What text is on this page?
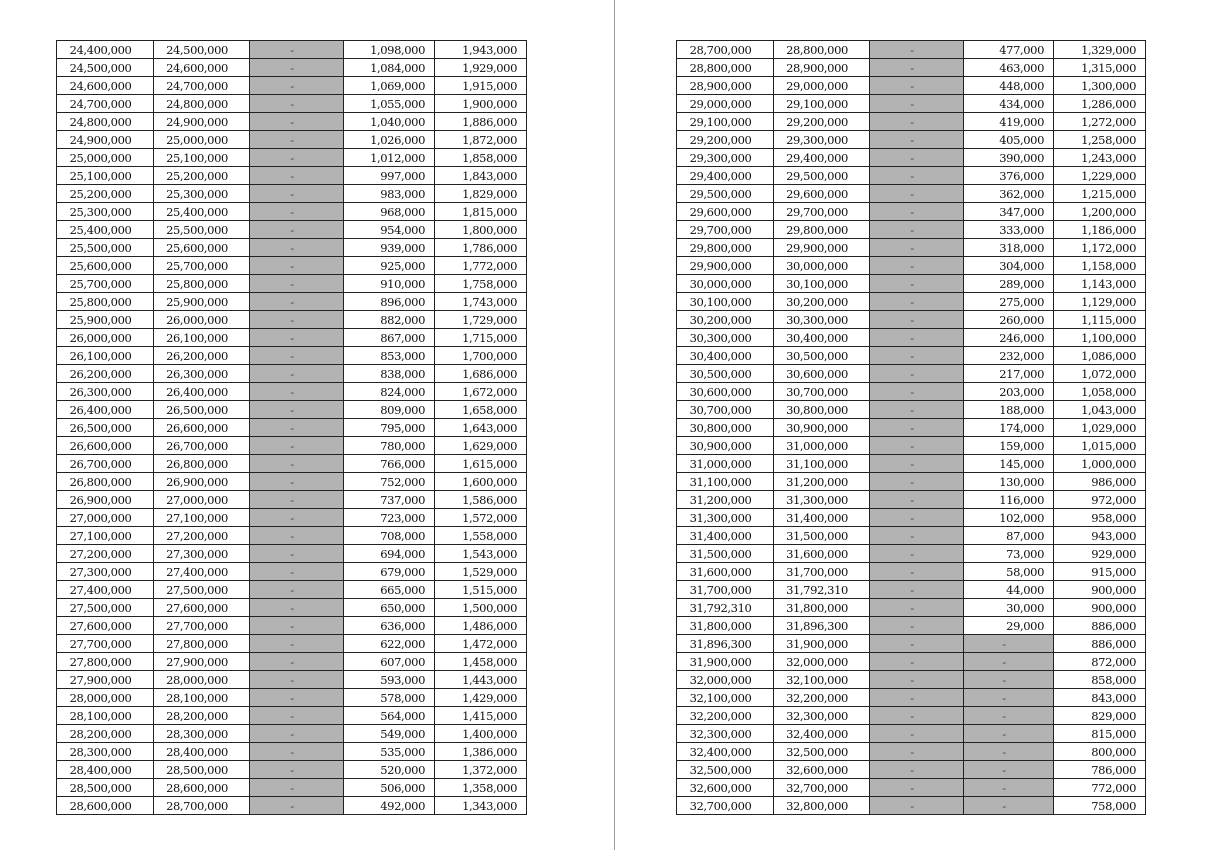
24,400,000	24,500,000	-	1,098,000	1,943,000
24,500,000	24,600,000	-	1,084,000	1,929,000
24,600,000	24,700,000	-	1,069,000	1,915,000
24,700,000	24,800,000	-	1,055,000	1,900,000
24,800,000	24,900,000	-	1,040,000	1,886,000
24,900,000	25,000,000	-	1,026,000	1,872,000
25,000,000	25,100,000	-	1,012,000	1,858,000
25,100,000	25,200,000	-	997,000	1,843,000
25,200,000	25,300,000	-	983,000	1,829,000
25,300,000	25,400,000	-	968,000	1,815,000
25,400,000	25,500,000	-	954,000	1,800,000
25,500,000	25,600,000	-	939,000	1,786,000
25,600,000	25,700,000	-	925,000	1,772,000
25,700,000	25,800,000	-	910,000	1,758,000
25,800,000	25,900,000	-	896,000	1,743,000
25,900,000	26,000,000	-	882,000	1,729,000
26,000,000	26,100,000	-	867,000	1,715,000
26,100,000	26,200,000	-	853,000	1,700,000
26,200,000	26,300,000	-	838,000	1,686,000
26,300,000	26,400,000	-	824,000	1,672,000
26,400,000	26,500,000	-	809,000	1,658,000
26,500,000	26,600,000	-	795,000	1,643,000
26,600,000	26,700,000	-	780,000	1,629,000
26,700,000	26,800,000	-	766,000	1,615,000
26,800,000	26,900,000	-	752,000	1,600,000
26,900,000	27,000,000	-	737,000	1,586,000
27,000,000	27,100,000	-	723,000	1,572,000
27,100,000	27,200,000	-	708,000	1,558,000
27,200,000	27,300,000	-	694,000	1,543,000
27,300,000	27,400,000	-	679,000	1,529,000
27,400,000	27,500,000	-	665,000	1,515,000
27,500,000	27,600,000	-	650,000	1,500,000
27,600,000	27,700,000	-	636,000	1,486,000
27,700,000	27,800,000	-	622,000	1,472,000
27,800,000	27,900,000	-	607,000	1,458,000
27,900,000	28,000,000	-	593,000	1,443,000
28,000,000	28,100,000	-	578,000	1,429,000
28,100,000	28,200,000	-	564,000	1,415,000
28,200,000	28,300,000	-	549,000	1,400,000
28,300,000	28,400,000	-	535,000	1,386,000
28,400,000	28,500,000	-	520,000	1,372,000
28,500,000	28,600,000	-	506,000	1,358,000
28,600,000	28,700,000	-	492,000	1,343,000
28,700,000	28,800,000	-	477,000	1,329,000
28,800,000	28,900,000	-	463,000	1,315,000
28,900,000	29,000,000	-	448,000	1,300,000
29,000,000	29,100,000	-	434,000	1,286,000
29,100,000	29,200,000	-	419,000	1,272,000
29,200,000	29,300,000	-	405,000	1,258,000
29,300,000	29,400,000	-	390,000	1,243,000
29,400,000	29,500,000	-	376,000	1,229,000
29,500,000	29,600,000	-	362,000	1,215,000
29,600,000	29,700,000	-	347,000	1,200,000
29,700,000	29,800,000	-	333,000	1,186,000
29,800,000	29,900,000	-	318,000	1,172,000
29,900,000	30,000,000	-	304,000	1,158,000
30,000,000	30,100,000	-	289,000	1,143,000
30,100,000	30,200,000	-	275,000	1,129,000
30,200,000	30,300,000	-	260,000	1,115,000
30,300,000	30,400,000	-	246,000	1,100,000
30,400,000	30,500,000	-	232,000	1,086,000
30,500,000	30,600,000	-	217,000	1,072,000
30,600,000	30,700,000	-	203,000	1,058,000
30,700,000	30,800,000	-	188,000	1,043,000
30,800,000	30,900,000	-	174,000	1,029,000
30,900,000	31,000,000	-	159,000	1,015,000
31,000,000	31,100,000	-	145,000	1,000,000
31,100,000	31,200,000	-	130,000	986,000
31,200,000	31,300,000	-	116,000	972,000
31,300,000	31,400,000	-	102,000	958,000
31,400,000	31,500,000	-	87,000	943,000
31,500,000	31,600,000	-	73,000	929,000
31,600,000	31,700,000	-	58,000	915,000
31,700,000	31,792,310	-	44,000	900,000
31,792,310	31,800,000	-	30,000	900,000
31,800,000	31,896,300	-	29,000	886,000
31,896,300	31,900,000	-	-	886,000
31,900,000	32,000,000	-	-	872,000
32,000,000	32,100,000	-	-	858,000
32,100,000	32,200,000	-	-	843,000
32,200,000	32,300,000	-	-	829,000
32,300,000	32,400,000	-	-	815,000
32,400,000	32,500,000	-	-	800,000
32,500,000	32,600,000	-	-	786,000
32,600,000	32,700,000	-	-	772,000
32,700,000	32,800,000	-	-	758,000
